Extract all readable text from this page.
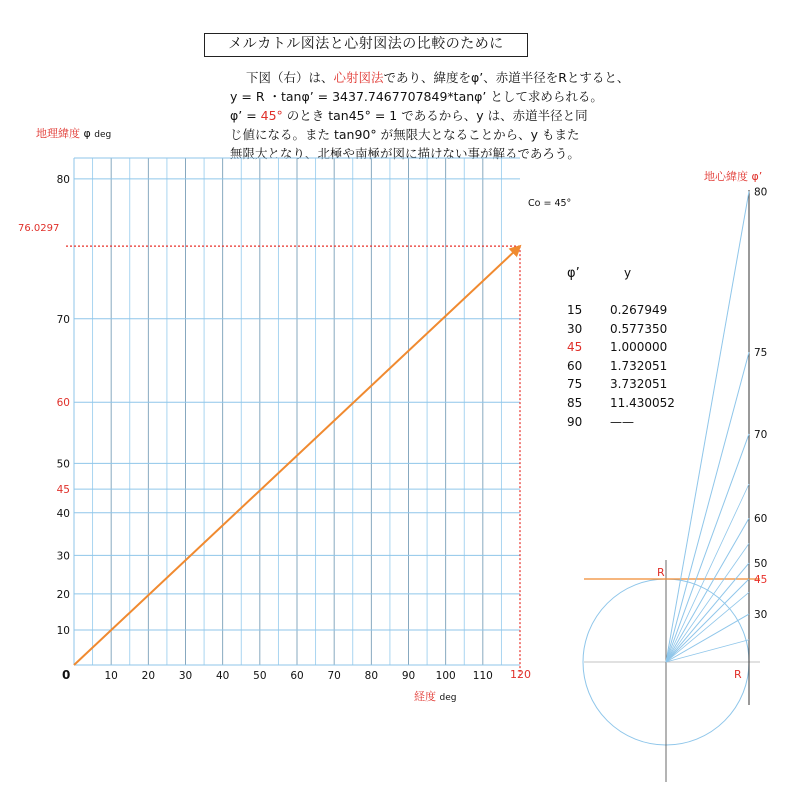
メルカトル図法と心射図法の比較のために
下図（右）は、心射図法であり、緯度をφ’、赤道半径をRとすると、
y = R ・tanφ’ = 3437.7467707849*tanφ’ として求められる。
φ’ = 45° のとき tan45° = 1 であるから、y は、赤道半径と同
じ値になる。また tan90° が無限大となることから、y もまた
無限大となり、北極や南極が図に描けない事が解るであろう。
10 20 30 40 50 60 70 80 90 100 110
10
20
30
40
50
70
80
45
60
30
45
50
60
70
75
80
地理緯度 φ deg
経度 deg
0	120
76.0297
Co = 45°
φ’	y
15 0.267949
30 0.577350
45 1.000000
60 1.732051
75 3.732051
85 11.430052
90 ——
地心緯度 φ’
R
R
